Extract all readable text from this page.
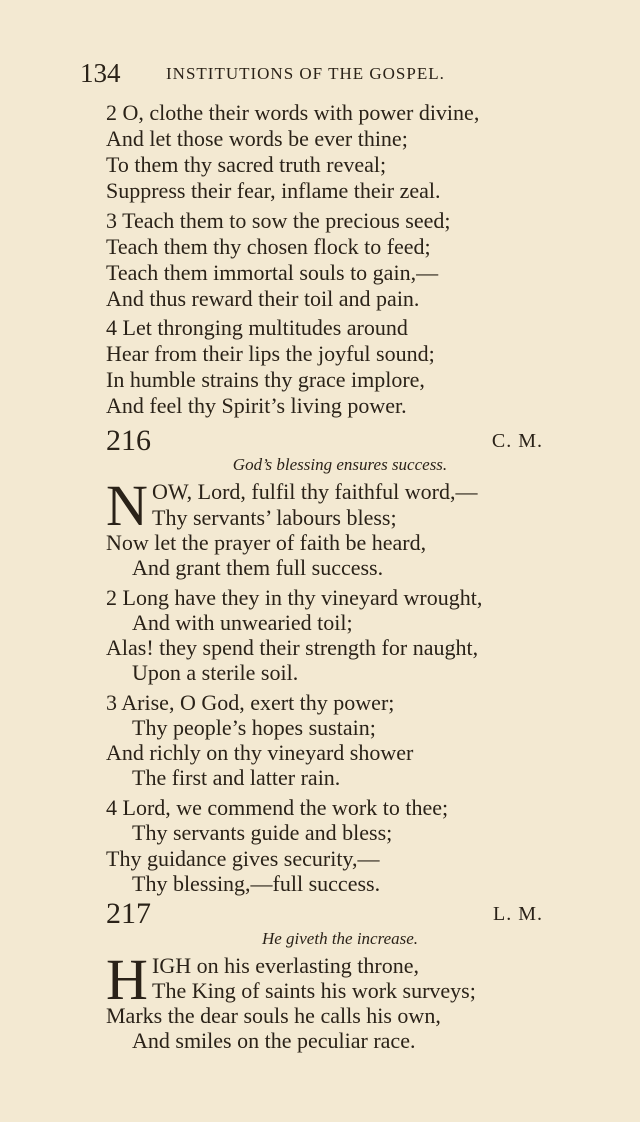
134	INSTITUTIONS OF THE GOSPEL.
2 O, clothe their words with power divine,
And let those words be ever thine;
To them thy sacred truth reveal;
Suppress their fear, inflame their zeal.
3 Teach them to sow the precious seed;
Teach them thy chosen flock to feed;
Teach them immortal souls to gain,—
And thus reward their toil and pain.
4 Let thronging multitudes around
Hear from their lips the joyful sound;
In humble strains thy grace implore,
And feel thy Spirit’s living power.
216	C. M.
God’s blessing ensures success.
N OW, Lord, fulfil thy faithful word,—
Thy servants’ labours bless;
Now let the prayer of faith be heard,
And grant them full success.
2 Long have they in thy vineyard wrought,
And with unwearied toil;
Alas! they spend their strength for naught,
Upon a sterile soil.
3 Arise, O God, exert thy power;
Thy people’s hopes sustain;
And richly on thy vineyard shower
The first and latter rain.
4 Lord, we commend the work to thee;
Thy servants guide and bless;
Thy guidance gives security,—
Thy blessing,—full success.
217	L. M.
He giveth the increase.
H IGH on his everlasting throne,
The King of saints his work surveys;
Marks the dear souls he calls his own,
And smiles on the peculiar race.
